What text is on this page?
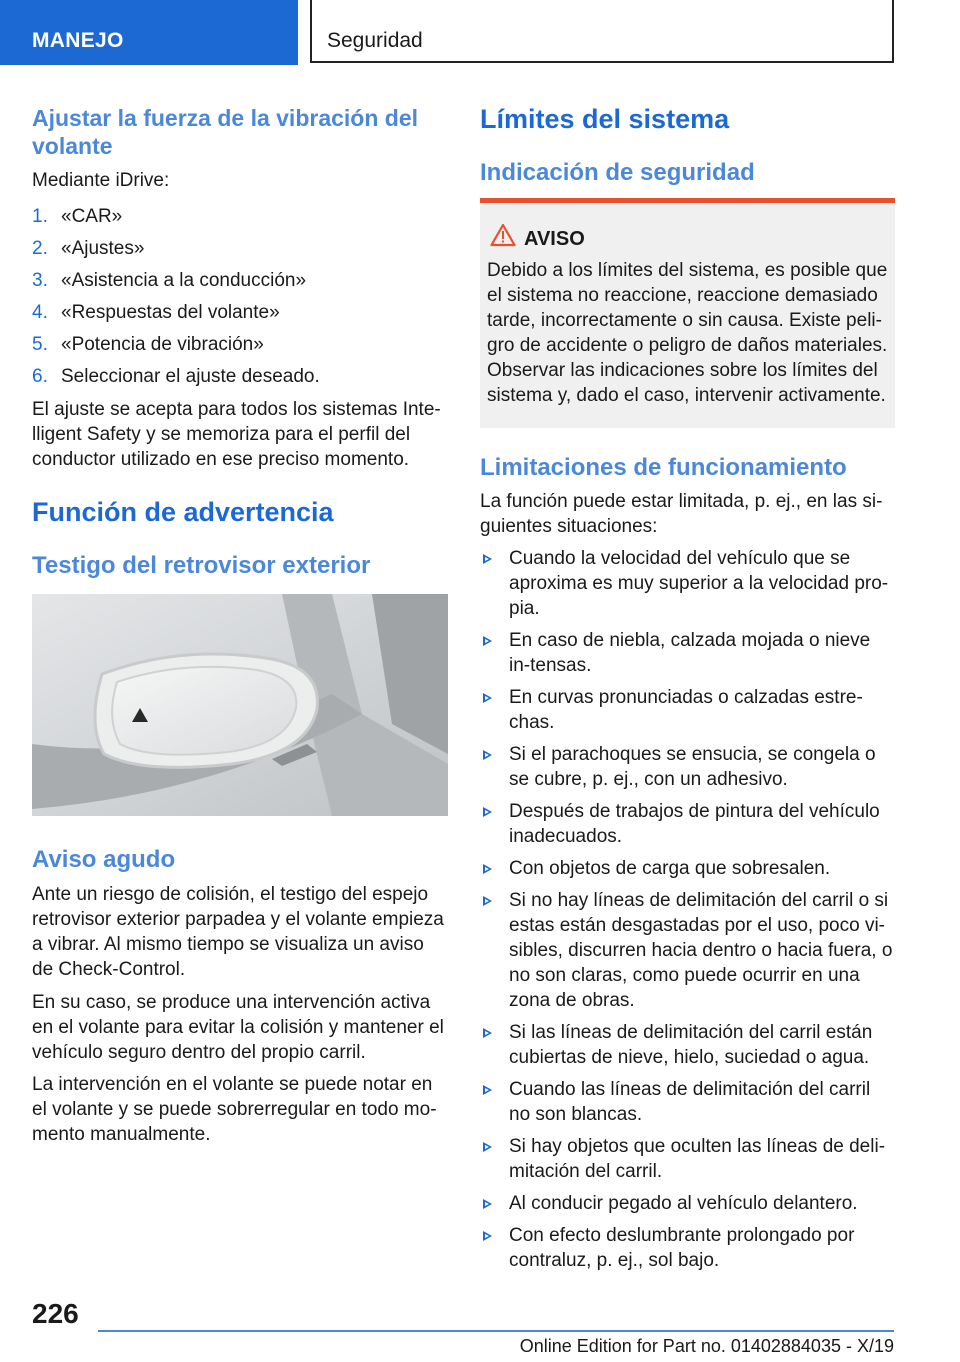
MANEJO	Seguridad
Ajustar la fuerza de la vibración del volante
Mediante iDrive:
1. «CAR»
2. «Ajustes»
3. «Asistencia a la conducción»
4. «Respuestas del volante»
5. «Potencia de vibración»
6. Seleccionar el ajuste deseado.
El ajuste se acepta para todos los sistemas Inte-lligent Safety y se memoriza para el perfil del conductor utilizado en ese preciso momento.
Función de advertencia
Testigo del retrovisor exterior
Aviso agudo
Ante un riesgo de colisión, el testigo del espejo retrovisor exterior parpadea y el volante empieza a vibrar. Al mismo tiempo se visualiza un aviso de Check-Control.
En su caso, se produce una intervención activa en el volante para evitar la colisión y mantener el vehículo seguro dentro del propio carril.
La intervención en el volante se puede notar en el volante y se puede sobrerregular en todo mo-mento manualmente.
Límites del sistema
Indicación de seguridad
AVISO
Debido a los límites del sistema, es posible que el sistema no reaccione, reaccione demasiado tarde, incorrectamente o sin causa. Existe peli-gro de accidente o peligro de daños materiales. Observar las indicaciones sobre los límites del sistema y, dado el caso, intervenir activamente.
Limitaciones de funcionamiento
La función puede estar limitada, p. ej., en las si-guientes situaciones:
Cuando la velocidad del vehículo que se aproxima es muy superior a la velocidad pro-pia.
En caso de niebla, calzada mojada o nieve in-tensas.
En curvas pronunciadas o calzadas estre-chas.
Si el parachoques se ensucia, se congela o se cubre, p. ej., con un adhesivo.
Después de trabajos de pintura del vehículo inadecuados.
Con objetos de carga que sobresalen.
Si no hay líneas de delimitación del carril o si estas están desgastadas por el uso, poco vi-sibles, discurren hacia dentro o hacia fuera, o no son claras, como puede ocurrir en una zona de obras.
Si las líneas de delimitación del carril están cubiertas de nieve, hielo, suciedad o agua.
Cuando las líneas de delimitación del carril no son blancas.
Si hay objetos que oculten las líneas de deli-mitación del carril.
Al conducir pegado al vehículo delantero.
Con efecto deslumbrante prolongado por contraluz, p. ej., sol bajo.
226
Online Edition for Part no. 01402884035 - X/19
